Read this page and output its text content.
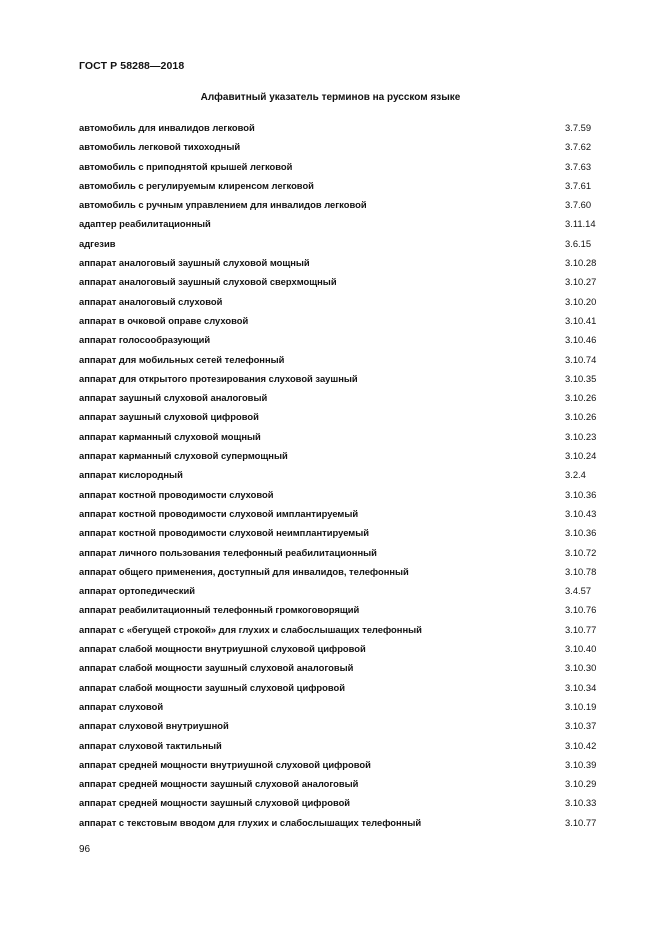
ГОСТ Р 58288—2018
Алфавитный указатель терминов на русском языке
автомобиль для инвалидов легковой	3.7.59
автомобиль легковой тихоходный	3.7.62
автомобиль с приподнятой крышей легковой	3.7.63
автомобиль с регулируемым клиренсом легковой	3.7.61
автомобиль с ручным управлением для инвалидов легковой	3.7.60
адаптер реабилитационный	3.11.14
адгезив	3.6.15
аппарат аналоговый заушный слуховой мощный	3.10.28
аппарат аналоговый заушный слуховой сверхмощный	3.10.27
аппарат аналоговый слуховой	3.10.20
аппарат в очковой оправе слуховой	3.10.41
аппарат голосообразующий	3.10.46
аппарат для мобильных сетей телефонный	3.10.74
аппарат для открытого протезирования слуховой заушный	3.10.35
аппарат заушный слуховой аналоговый	3.10.26
аппарат заушный слуховой цифровой	3.10.26
аппарат карманный слуховой мощный	3.10.23
аппарат карманный слуховой супермощный	3.10.24
аппарат кислородный	3.2.4
аппарат костной проводимости слуховой	3.10.36
аппарат костной проводимости слуховой имплантируемый	3.10.43
аппарат костной проводимости слуховой неимплантируемый	3.10.36
аппарат личного пользования телефонный реабилитационный	3.10.72
аппарат общего применения, доступный для инвалидов, телефонный	3.10.78
аппарат ортопедический	3.4.57
аппарат реабилитационный телефонный громкоговорящий	3.10.76
аппарат с «бегущей строкой» для глухих и слабослышащих телефонный	3.10.77
аппарат слабой мощности внутриушной слуховой цифровой	3.10.40
аппарат слабой мощности заушный слуховой аналоговый	3.10.30
аппарат слабой мощности заушный слуховой цифровой	3.10.34
аппарат слуховой	3.10.19
аппарат слуховой внутриушной	3.10.37
аппарат слуховой тактильный	3.10.42
аппарат средней мощности внутриушной слуховой цифровой	3.10.39
аппарат средней мощности заушный слуховой аналоговый	3.10.29
аппарат средней мощности заушный слуховой цифровой	3.10.33
аппарат с текстовым вводом для глухих и слабослышащих телефонный	3.10.77
96
